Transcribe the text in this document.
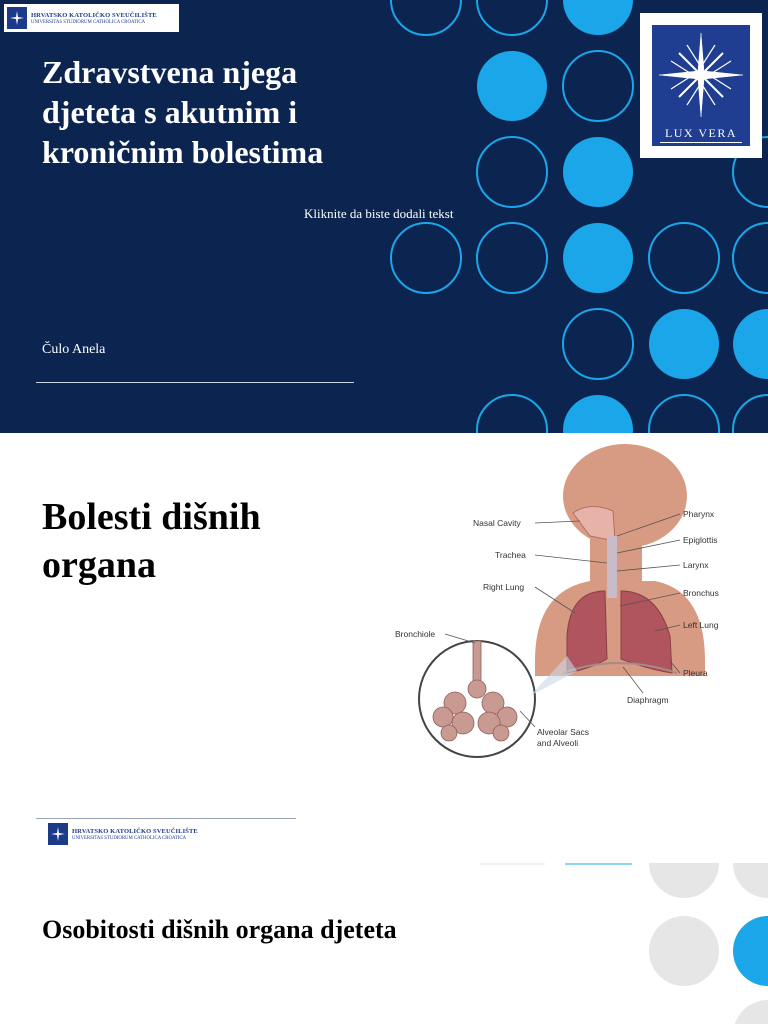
HRVATSKO KATOLIČKO SVEUČILIŠTE
UNIVERSITAS STUDIORUM CATHOLICA CROATICA
Zdravstvena njega djeteta s akutnim i kroničnim bolestima
Kliknite da biste dodali tekst
Čulo Anela
LUX VERA
Bolesti dišnih organa
Nasal Cavity
Trachea
Right Lung
Bronchiole
Pharynx
Epiglottis
Larynx
Bronchus
Left Lung
Pleura
Diaphragm
Alveolar Sacs
and Alveoli
HRVATSKO KATOLIČKO SVEUČILIŠTE
UNIVERSITAS STUDIORUM CATHOLICA CROATICA
Osobitosti dišnih organa djeteta
